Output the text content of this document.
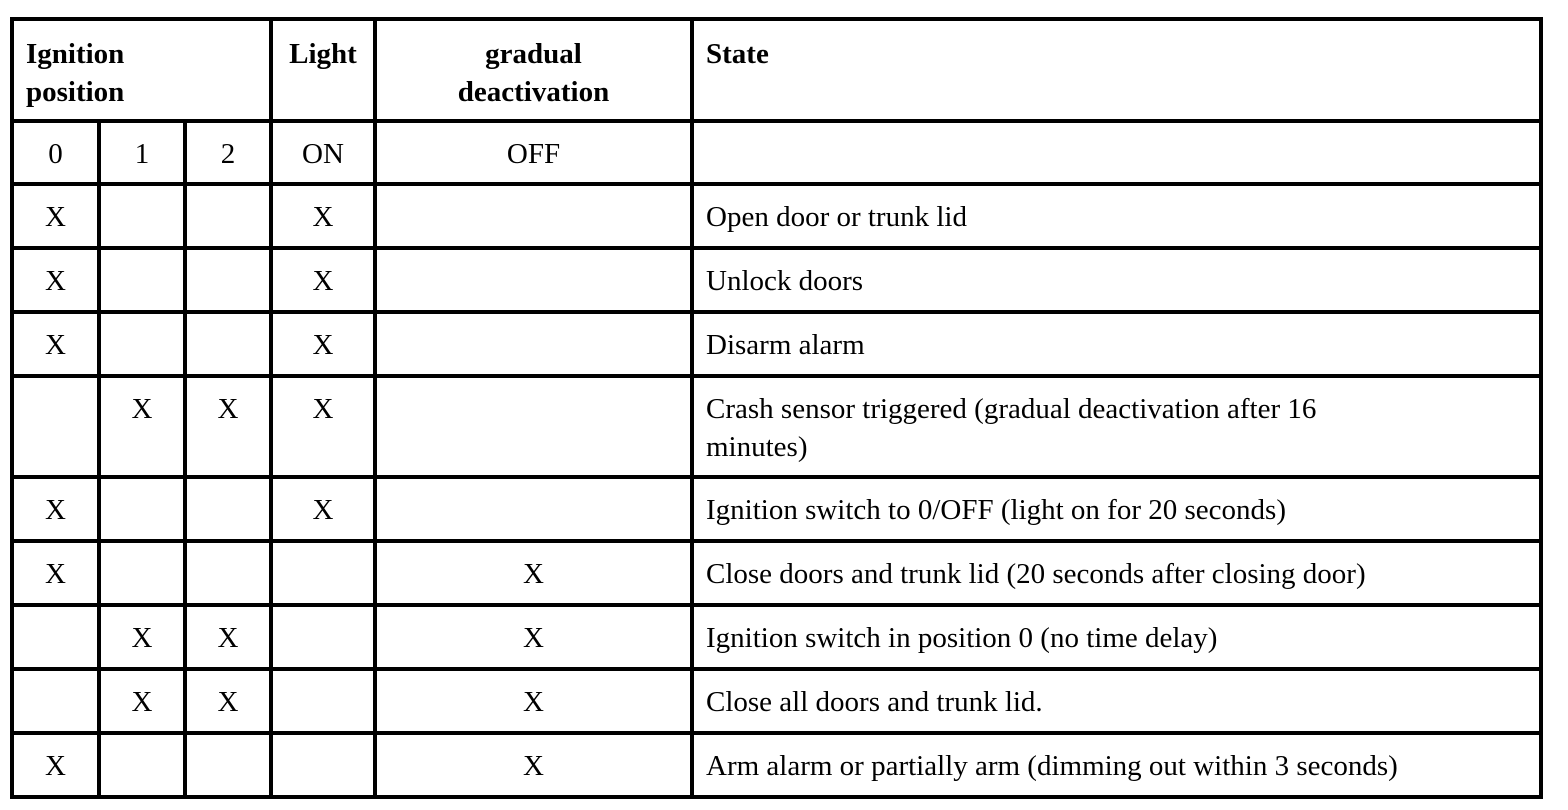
Ignition position			Light	gradual deactivation	State
0	1	2	ON	OFF	
X			X		Open door or trunk lid
X			X		Unlock doors
X			X		Disarm alarm
	X	X	X		Crash sensor triggered (gradual deactivation after 16 minutes)
X			X		Ignition switch to 0/OFF (light on for 20 seconds)
X				X	Close doors and trunk lid (20 seconds after closing door)
	X	X		X	Ignition switch in position 0 (no time delay)
	X	X		X	Close all doors and trunk lid.
X				X	Arm alarm or partially arm (dimming out within 3 seconds)
